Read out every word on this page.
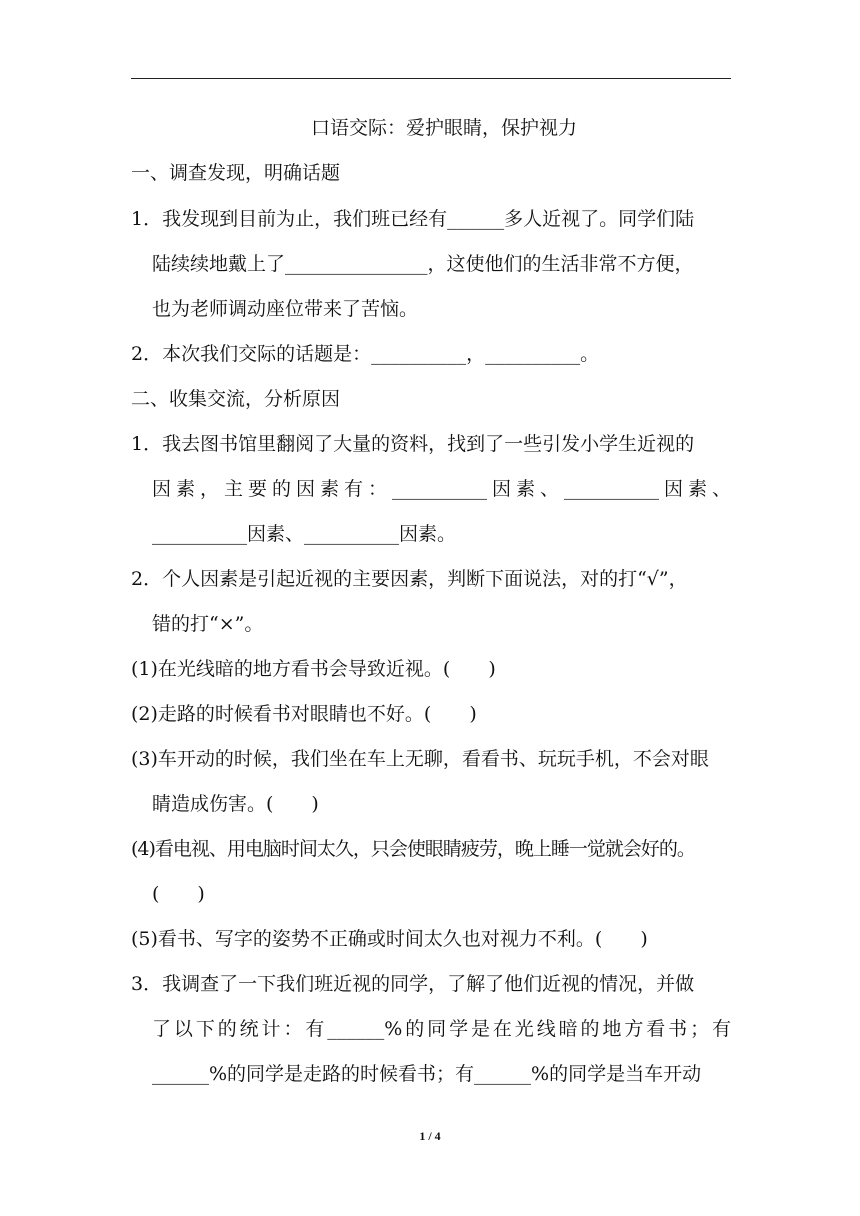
口语交际：爱护眼睛，保护视力
一、调查发现，明确话题
1．我发现到目前为止，我们班已经有______多人近视了。同学们陆
陆续续地戴上了_______________，这使他们的生活非常不方便，
也为老师调动座位带来了苦恼。
2．本次我们交际的话题是：__________，__________。
二、收集交流，分析原因
1．我去图书馆里翻阅了大量的资料，找到了一些引发小学生近视的
因素，主要的因素有：__________因素、__________因素、
__________因素、__________因素。
2．个人因素是引起近视的主要因素，判断下面说法，对的打“√”，
错的打“×”。
(1)在光线暗的地方看书会导致近视。(　　)
(2)走路的时候看书对眼睛也不好。(　　)
(3)车开动的时候，我们坐在车上无聊，看看书、玩玩手机，不会对眼
睛造成伤害。(　　)
(4)看电视、用电脑时间太久，只会使眼睛疲劳，晚上睡一觉就会好的。
(　　)
(5)看书、写字的姿势不正确或时间太久也对视力不利。(　　)
3．我调查了一下我们班近视的同学，了解了他们近视的情况，并做
了以下的统计：有______%的同学是在光线暗的地方看书；有
______%的同学是走路的时候看书；有______%的同学是当车开动
1 / 4
